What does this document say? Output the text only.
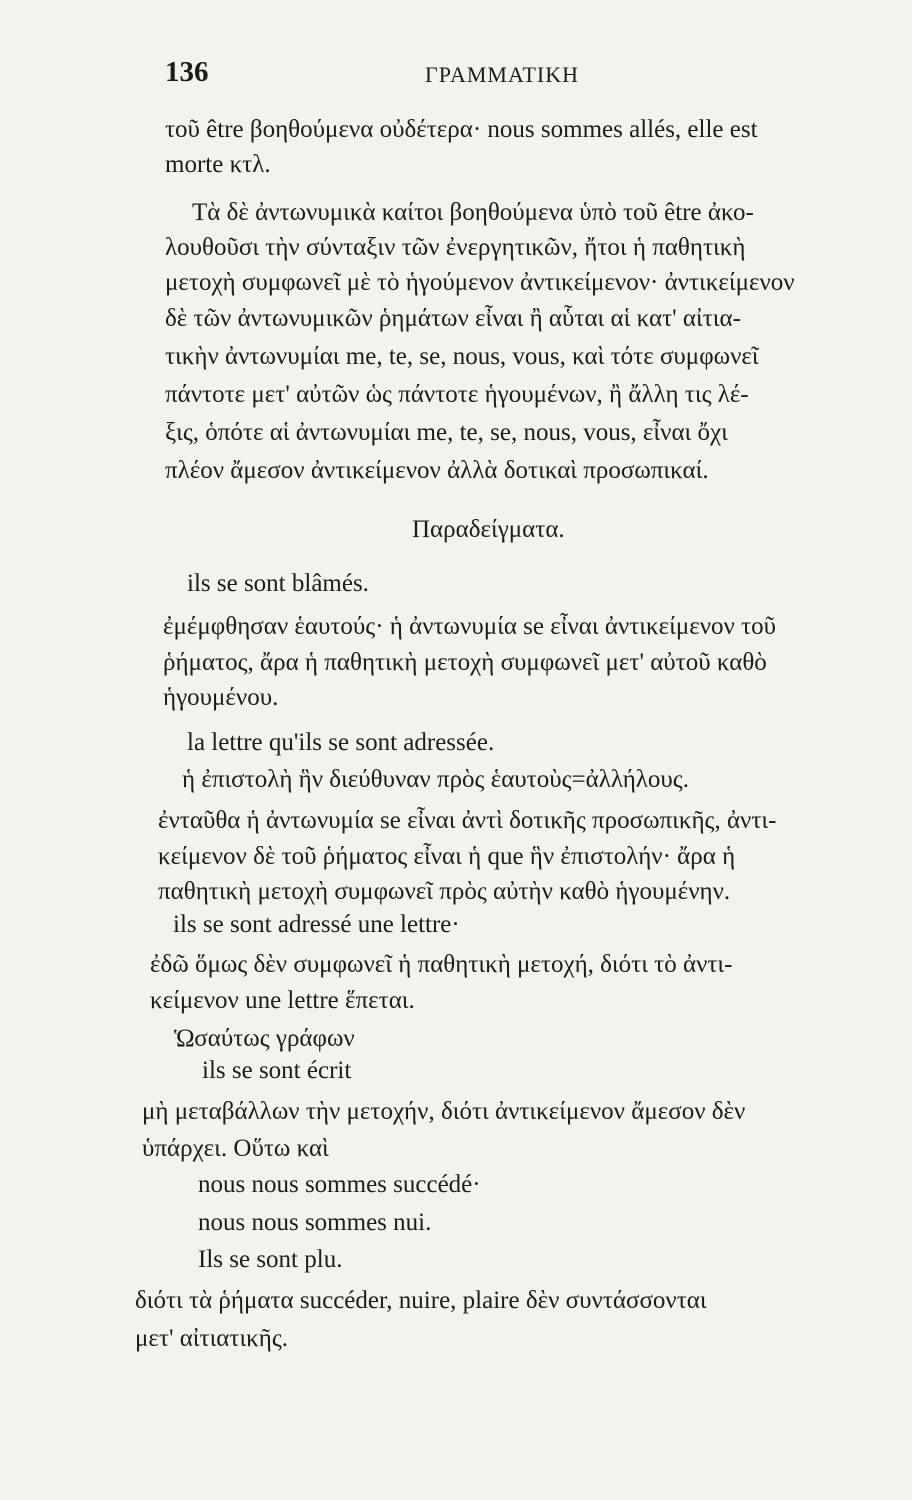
136	ΓΡΑΜΜΑΤΙΚΗ
τοῦ être βοηθούμενα οὐδέτερα· nous sommes allés, elle est
morte κτλ.
Τὰ δὲ ἀντωνυμικὰ καίτοι βοηθούμενα ὑπὸ τοῦ être ἀκο-
λουθοῦσι τὴν σύνταξιν τῶν ἐνεργητικῶν, ἤτοι ἡ παθητικὴ
μετοχὴ συμφωνεῖ μὲ τὸ ἡγούμενον ἀντικείμενον· ἀντικείμενον
δὲ τῶν ἀντωνυμικῶν ῥημάτων εἶναι ἢ αὗται αἱ κατ' αἰτια-
τικὴν ἀντωνυμίαι me, te, se, nous, vous, καὶ τότε συμφωνεῖ
πάντοτε μετ' αὐτῶν ὡς πάντοτε ἡγουμένων, ἢ ἄλλη τις λέ-
ξις, ὁπότε αἱ ἀντωνυμίαι me, te, se, nous, vous, εἶναι ὄχι
πλέον ἄμεσον ἀντικείμενον ἀλλὰ δοτικαὶ προσωπικαί.
Παραδείγματα.
ils se sont blâmés.
ἐμέμφθησαν ἑαυτούς· ἡ ἀντωνυμία se εἶναι ἀντικείμενον τοῦ
ῥήματος, ἄρα ἡ παθητικὴ μετοχὴ συμφωνεῖ μετ' αὐτοῦ καθὸ
ἡγουμένου.
la lettre qu'ils se sont adressée.
ἡ ἐπιστολὴ ἣν διεύθυναν πρὸς ἑαυτοὺς=ἀλλήλους.
ἐνταῦθα ἡ ἀντωνυμία se εἶναι ἀντὶ δοτικῆς προσωπικῆς, ἀντι-
κείμενον δὲ τοῦ ῥήματος εἶναι ἡ que ἣν ἐπιστολήν· ἄρα ἡ
παθητικὴ μετοχὴ συμφωνεῖ πρὸς αὐτὴν καθὸ ἡγουμένην.
ils se sont adressé une lettre·
ἐδῶ ὅμως δὲν συμφωνεῖ ἡ παθητικὴ μετοχή, διότι τὸ ἀντι-
κείμενον une lettre ἕπεται.
Ὡσαύτως γράφων
ils se sont écrit
μὴ μεταβάλλων τὴν μετοχήν, διότι ἀντικείμενον ἄμεσον δὲν
ὑπάρχει. Οὕτω καὶ
nous nous sommes succédé·
nous nous sommes nui.
Ils se sont plu.
διότι τὰ ῥήματα succéder, nuire, plaire δὲν συντάσσονται
μετ' αἰτιατικῆς.
